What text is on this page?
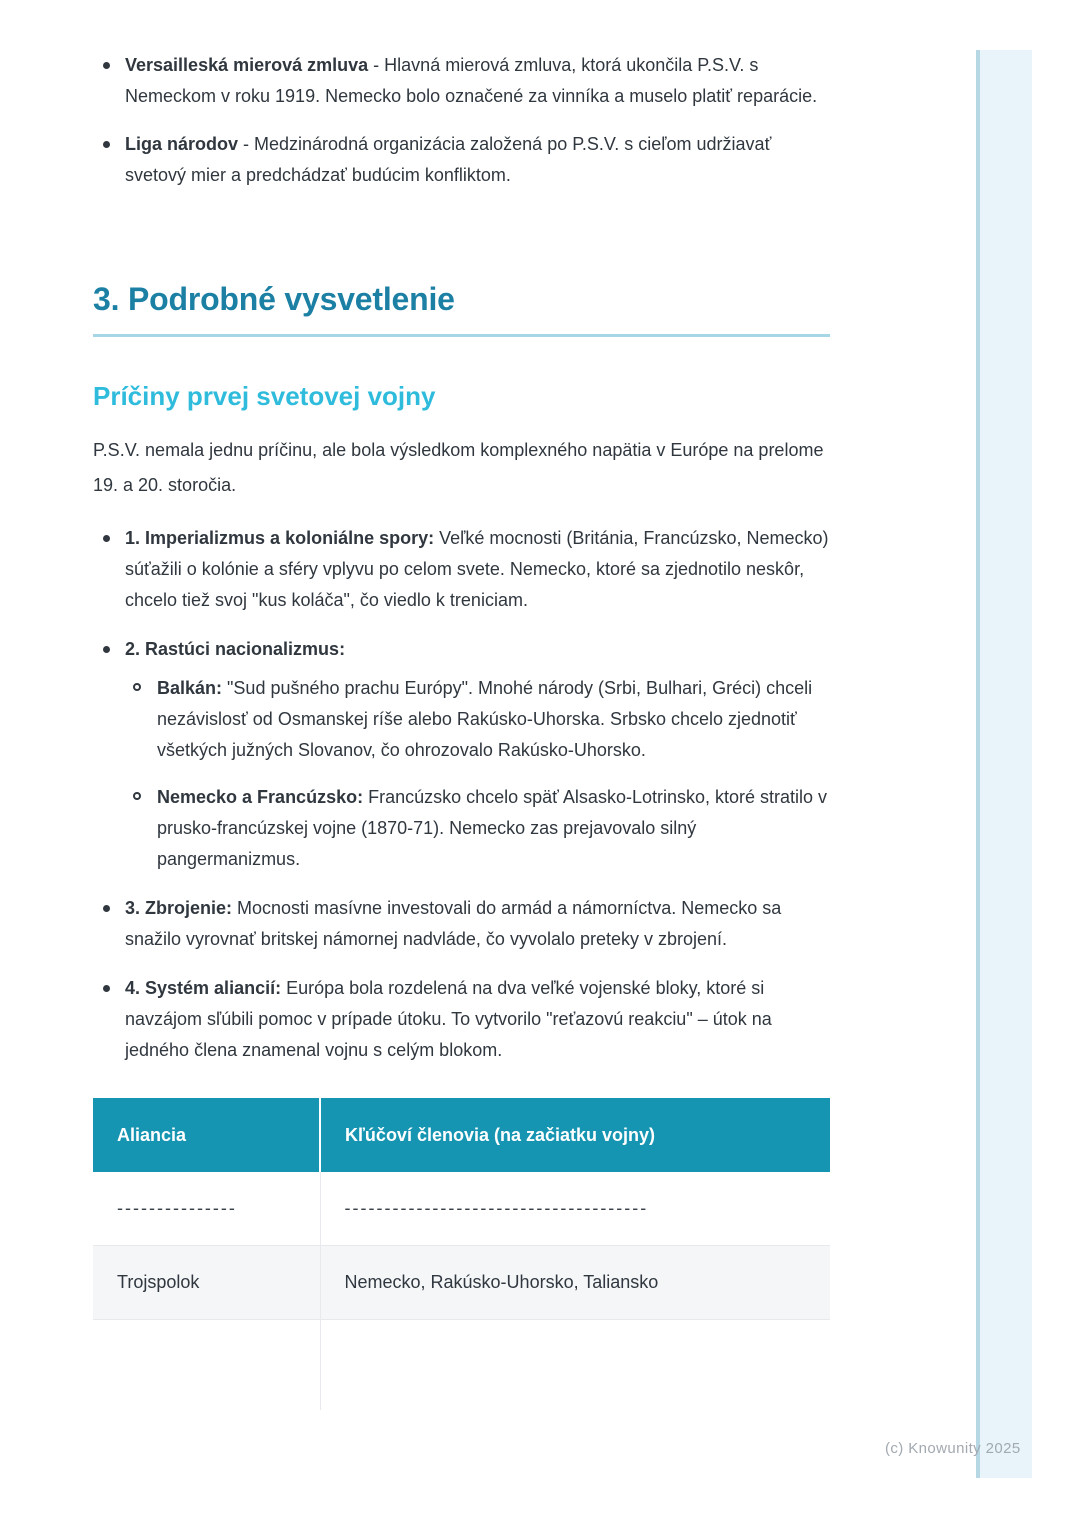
Versailleská mierová zmluva - Hlavná mierová zmluva, ktorá ukončila P.S.V. s Nemeckom v roku 1919. Nemecko bolo označené za vinníka a muselo platiť reparácie.
Liga národov - Medzinárodná organizácia založená po P.S.V. s cieľom udržiavať svetový mier a predchádzať budúcim konfliktom.
3. Podrobné vysvetlenie
Príčiny prvej svetovej vojny

P.S.V. nemala jednu príčinu, ale bola výsledkom komplexného napätia v Európe na prelome 19. a 20. storočia.

1. Imperializmus a koloniálne spory: Veľké mocnosti (Británia, Francúzsko, Nemecko) súťažili o kolónie a sféry vplyvu po celom svete. Nemecko, ktoré sa zjednotilo neskôr, chcelo tiež svoj "kus koláča", čo viedlo k treniciam.
2. Rastúci nacionalizmus:
Balkán: "Sud pušného prachu Európy". Mnohé národy (Srbi, Bulhari, Gréci) chceli nezávislosť od Osmanskej ríše alebo Rakúsko-Uhorska. Srbsko chcelo zjednotiť všetkých južných Slovanov, čo ohrozovalo Rakúsko-Uhorsko.
Nemecko a Francúzsko: Francúzsko chcelo späť Alsasko-Lotrinsko, ktoré stratilo v prusko-francúzskej vojne (1870-71). Nemecko zas prejavovalo silný pangermanizmus.
3. Zbrojenie: Mocnosti masívne investovali do armád a námorníctva. Nemecko sa snažilo vyrovnať britskej námornej nadvláde, čo vyvolalo preteky v zbrojení.
4. Systém aliancií: Európa bola rozdelená na dva veľké vojenské bloky, ktoré si navzájom sľúbili pomoc v prípade útoku. To vytvorilo "reťazovú reakciu" – útok na jedného člena znamenal vojnu s celým blokom.
Aliancia	Kľúčoví členovia (na začiatku vojny)
---------------	--------------------------------------
Trojspolok	Nemecko, Rakúsko-Uhorsko, Taliansko

(c) Knowunity 2025
